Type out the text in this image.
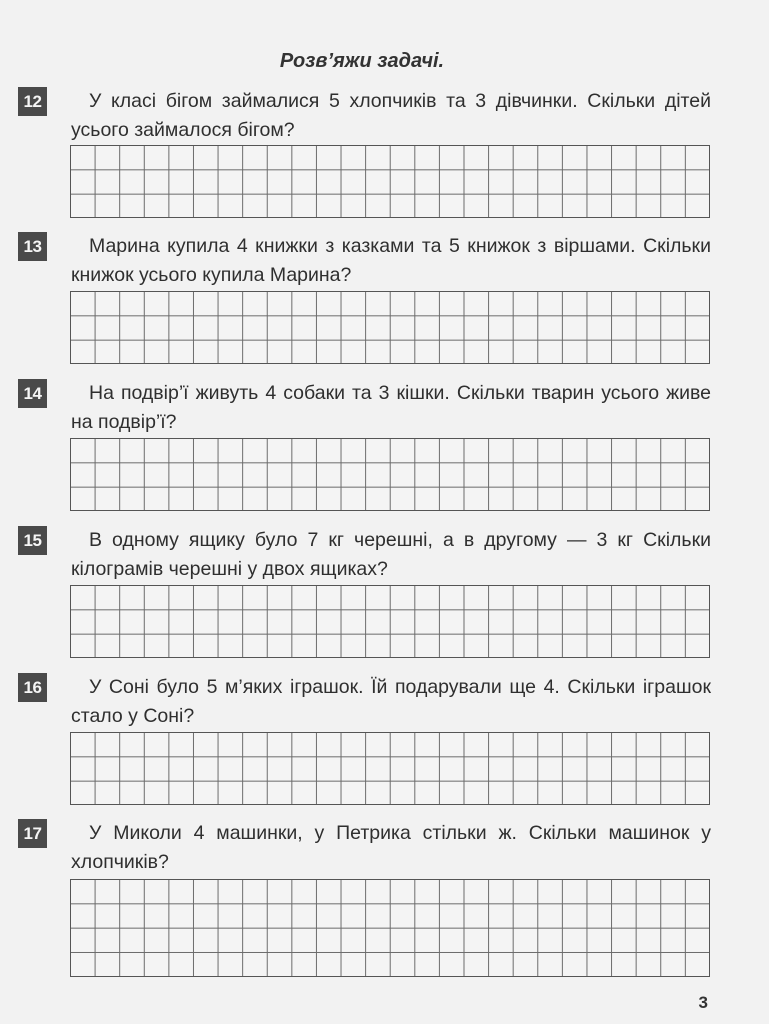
Розв’яжи задачі.
12	У класі бігом займалися 5 хлопчиків та 3 дівчинки. Скільки дітей усього займалося бігом?
13	Марина купила 4 книжки з казками та 5 книжок з віршами. Скільки книжок усього купила Марина?
14	На подвір’ї живуть 4 собаки та 3 кішки. Скільки тварин усього живе на подвір’ї?
15	В одному ящику було 7 кг черешні, а в другому — 3 кг Скільки кілограмів черешні у двох ящиках?
16	У Соні було 5 м’яких іграшок. Їй подарували ще 4. Скільки іграшок стало у Соні?
17	У Миколи 4 машинки, у Петрика стільки ж. Скільки машинок у хлопчиків?
3
